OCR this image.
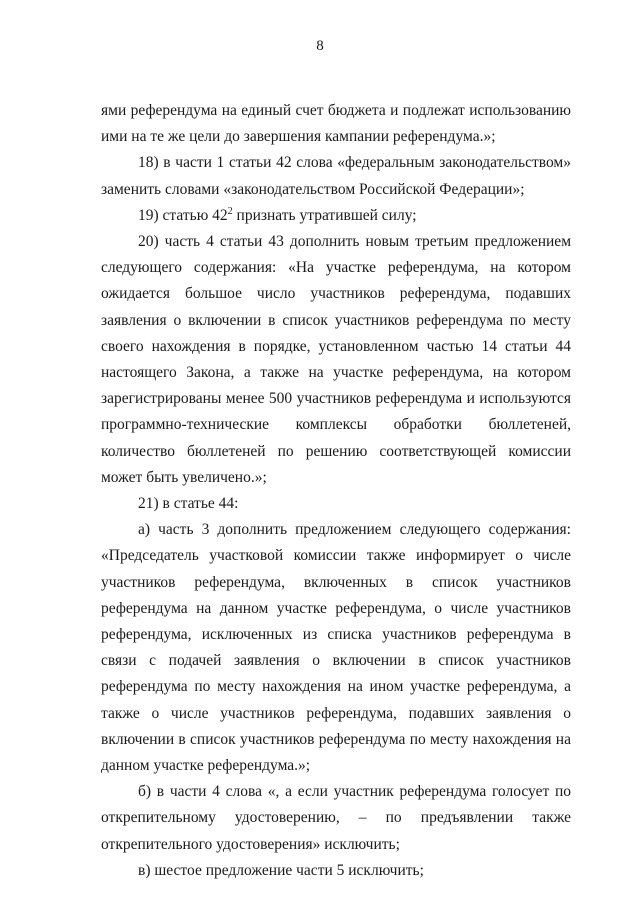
8

ями референдума на единый счет бюджета и подлежат использованию ими на те же цели до завершения кампании референдума.»;

18) в части 1 статьи 42 слова «федеральным законодательством» заменить словами «законодательством Российской Федерации»;

19) статью $42^2$ признать утратившей силу;

20) часть 4 статьи 43 дополнить новым третьим предложением следующего содержания: «На участке референдума, на котором ожидается большое число участников референдума, подавших заявления о включении в список участников референдума по месту своего нахождения в порядке, установленном частью 14 статьи 44 настоящего Закона, а также на участке референдума, на котором зарегистрированы менее 500 участников референдума и используются программно-технические комплексы обработки бюллетеней, количество бюллетеней по решению соответствующей комиссии может быть увеличено.»;

21) в статье 44:

а) часть 3 дополнить предложением следующего содержания: «Председатель участковой комиссии также информирует о числе участников референдума, включенных в список участников референдума на данном участке референдума, о числе участников референдума, исключенных из списка участников референдума в связи с подачей заявления о включении в список участников референдума по месту нахождения на ином участке референдума, а также о числе участников референдума, подавших заявления о включении в список участников референдума по месту нахождения на данном участке референдума.»;

б) в части 4 слова «, а если участник референдума голосует по открепительному удостоверению, – по предъявлении также открепительного удостоверения» исключить;

в) шестое предложение части 5 исключить;
